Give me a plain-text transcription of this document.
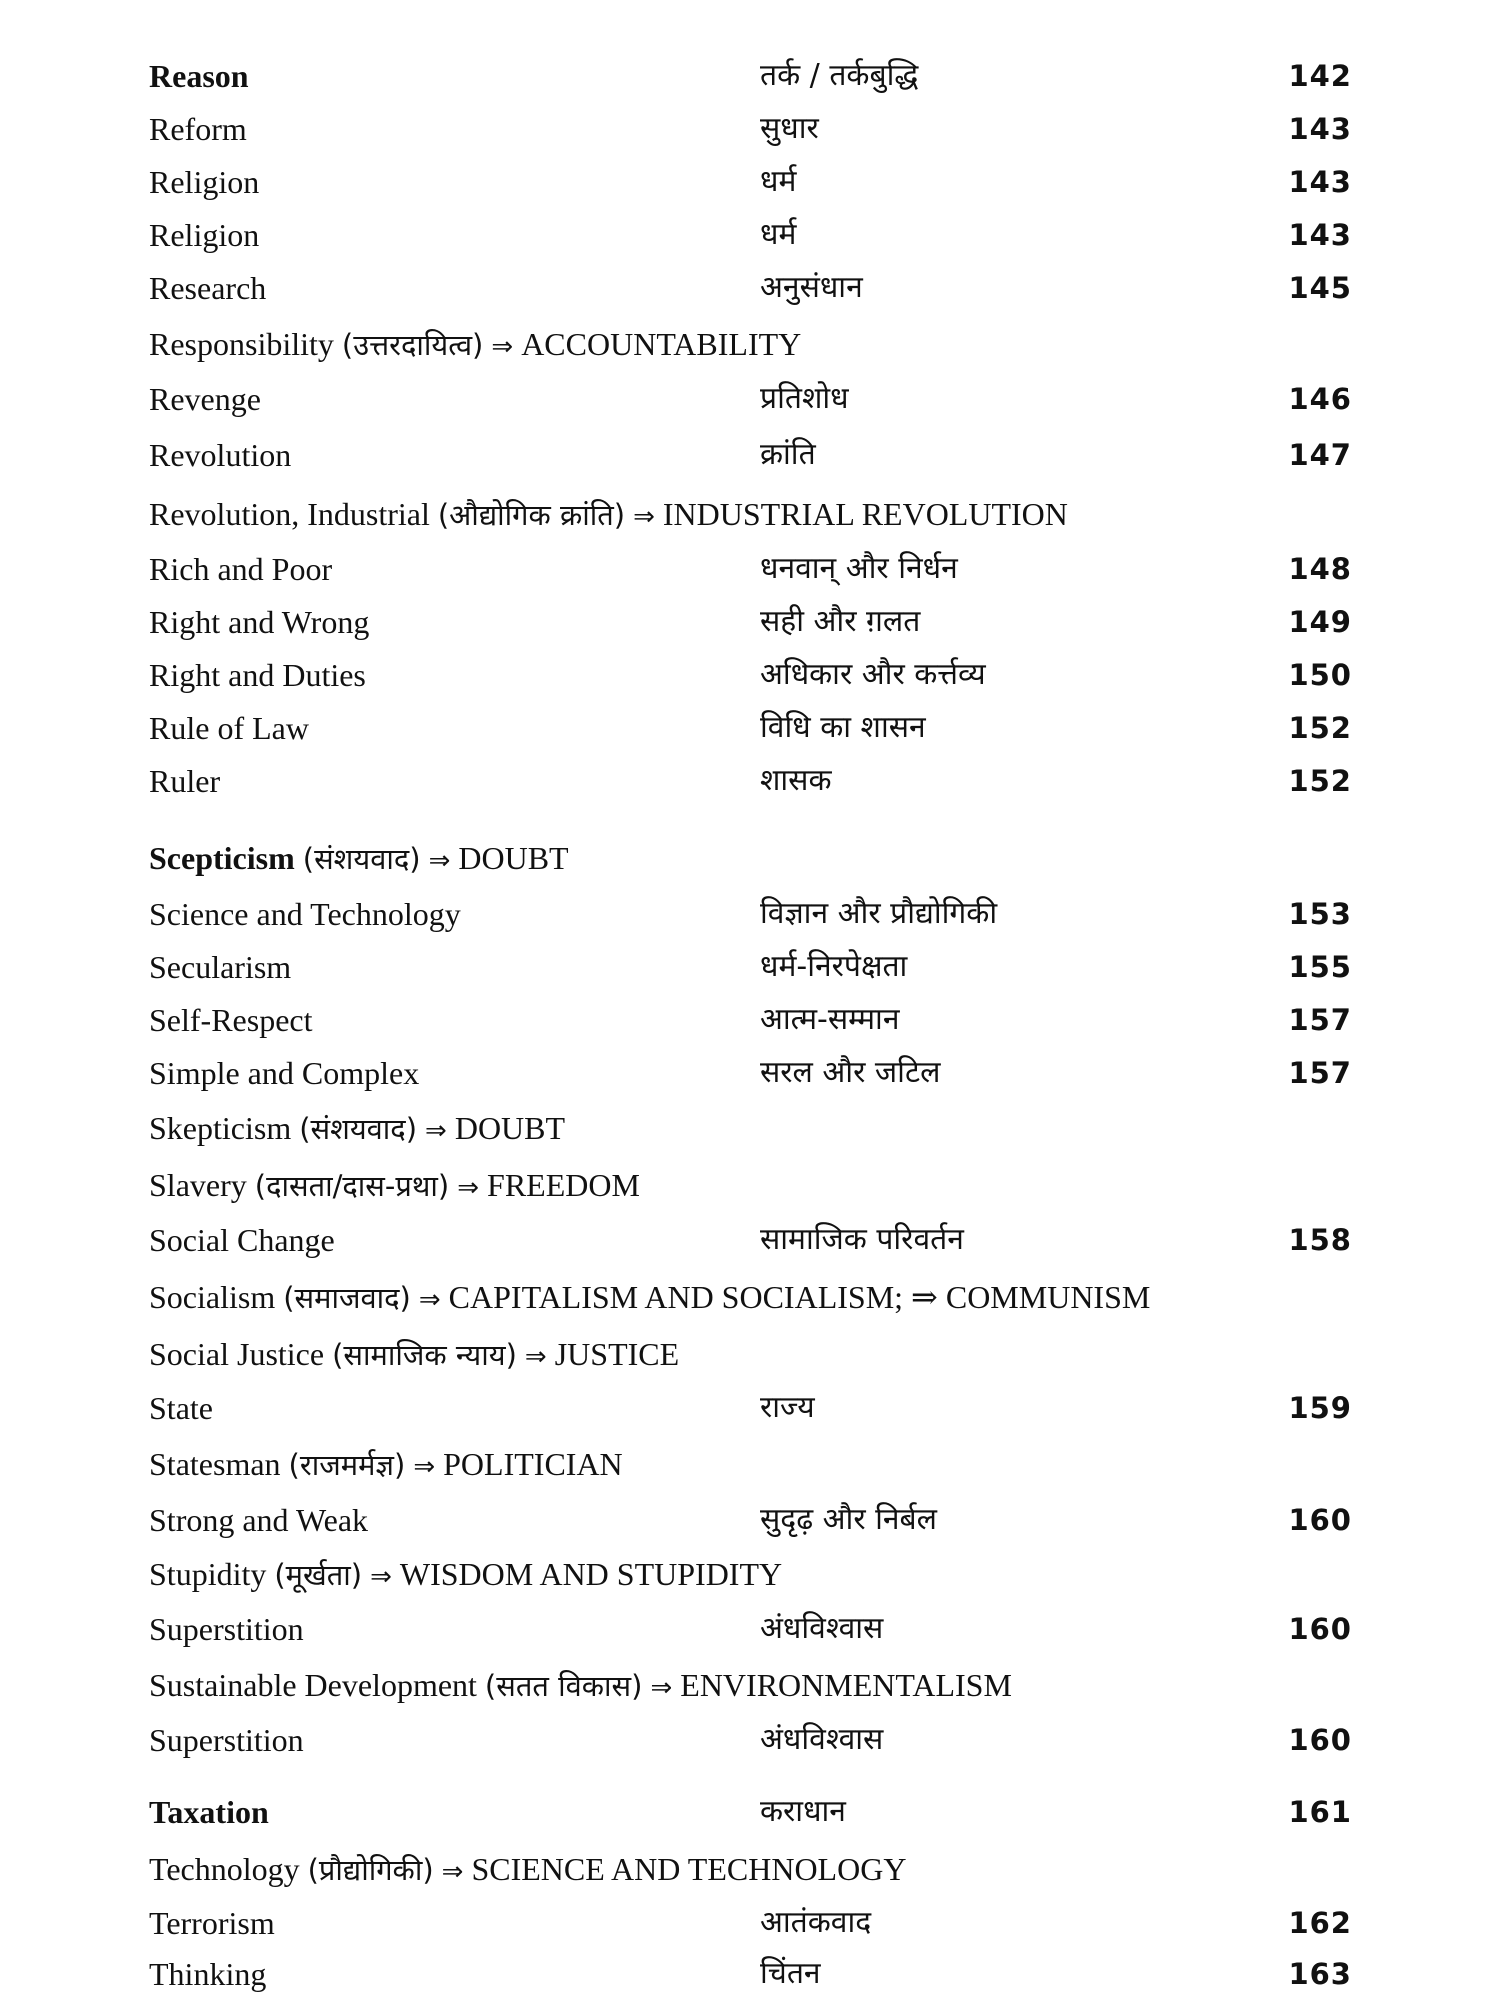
Reason	तर्क / तर्कबुद्धि	142
Reform	सुधार	143
Religion	धर्म	143
Religion	धर्म	143
Research	अनुसंधान	145
Responsibility (उत्तरदायित्व) ⇒ ACCOUNTABILITY
Revenge	प्रतिशोध	146
Revolution	क्रांति	147
Revolution, Industrial (औद्योगिक क्रांति) ⇒ INDUSTRIAL REVOLUTION
Rich and Poor	धनवान् और निर्धन	148
Right and Wrong	सही और ग़लत	149
Right and Duties	अधिकार और कर्त्तव्य	150
Rule of Law	विधि का शासन	152
Ruler	शासक	152
Scepticism (संशयवाद) ⇒ DOUBT
Science and Technology	विज्ञान और प्रौद्योगिकी	153
Secularism	धर्म-निरपेक्षता	155
Self-Respect	आत्म-सम्मान	157
Simple and Complex	सरल और जटिल	157
Skepticism (संशयवाद) ⇒ DOUBT
Slavery (दासता/दास-प्रथा) ⇒ FREEDOM
Social Change	सामाजिक परिवर्तन	158
Socialism (समाजवाद) ⇒ CAPITALISM AND SOCIALISM; ⇒ COMMUNISM
Social Justice (सामाजिक न्याय) ⇒ JUSTICE
State	राज्य	159
Statesman (राजमर्मज्ञ) ⇒ POLITICIAN
Strong and Weak	सुदृढ़ और निर्बल	160
Stupidity (मूर्खता) ⇒ WISDOM AND STUPIDITY
Superstition	अंधविश्वास	160
Sustainable Development (सतत विकास) ⇒ ENVIRONMENTALISM
Superstition	अंधविश्वास	160
Taxation	कराधान	161
Technology (प्रौद्योगिकी) ⇒ SCIENCE AND TECHNOLOGY
Terrorism	आतंकवाद	162
Thinking	चिंतन	163
